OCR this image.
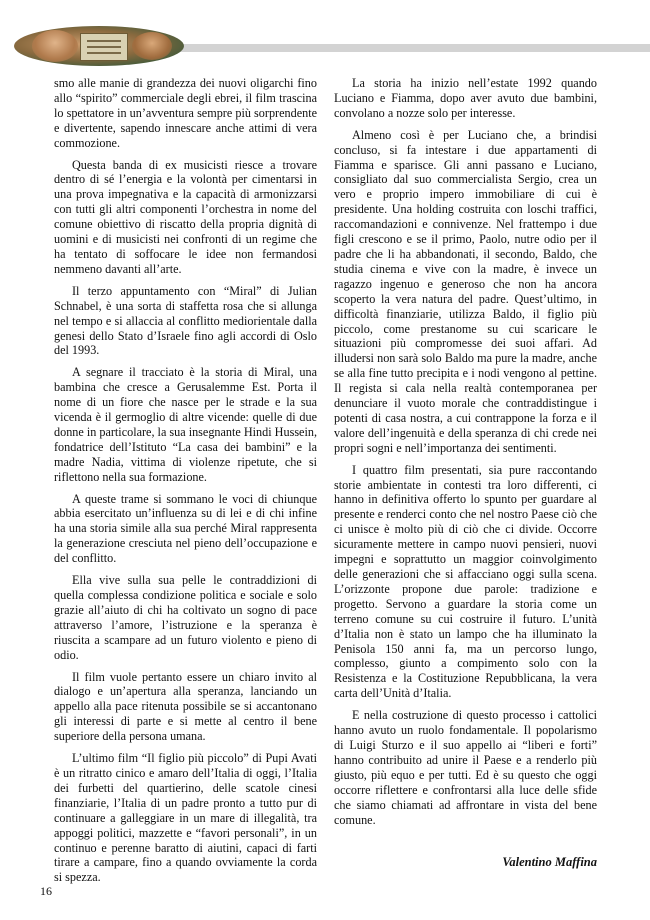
smo alle manie di grandezza dei nuovi oligarchi fino allo “spirito” commerciale degli ebrei, il film trascina lo spettatore in un’avventura sempre più sorprendente e divertente, sapendo innescare anche attimi di vera commozione.

Questa banda di ex musicisti riesce a trovare dentro di sé l’energia e la volontà per cimentarsi in una prova impegnativa e la capacità di armonizzarsi con tutti gli altri componenti l’orchestra in nome del comune obiettivo di riscatto della propria dignità di uomini e di musicisti nei confronti di un regime che ha tentato di soffocare le idee non fermandosi nemmeno davanti all’arte.

Il terzo appuntamento con “Miral” di Julian Schnabel, è una sorta di staffetta rosa che si allunga nel tempo e si allaccia al conflitto mediorientale dalla genesi dello Stato d’Israele fino agli accordi di Oslo del 1993.

A segnare il tracciato è la storia di Miral, una bambina che cresce a Gerusalemme Est. Porta il nome di un fiore che nasce per le strade e la sua vicenda è il germoglio di altre vicende: quelle di due donne in particolare, la sua insegnante Hindi Hussein, fondatrice dell’Istituto “La casa dei bambini” e la madre Nadia, vittima di violenze ripetute, che si riflettono nella sua formazione.

A queste trame si sommano le voci di chiunque abbia esercitato un’influenza su di lei e di chi infine ha una storia simile alla sua perché Miral rappresenta la generazione cresciuta nel pieno dell’occupazione e del conflitto.

Ella vive sulla sua pelle le contraddizioni di quella complessa condizione politica e sociale e solo grazie all’aiuto di chi ha coltivato un sogno di pace attraverso l’amore, l’istruzione e la speranza è riuscita a scampare ad un futuro violento e pieno di odio.

Il film vuole pertanto essere un chiaro invito al dialogo e un’apertura alla speranza, lanciando un appello alla pace ritenuta possibile se si accantonano gli interessi di parte e si mette al centro il bene superiore della persona umana.

L’ultimo film “Il figlio più piccolo” di Pupi Avati è un ritratto cinico e amaro dell’Italia di oggi, l’Italia dei furbetti del quartierino, delle scatole cinesi finanziarie, l’Italia di un padre pronto a tutto pur di continuare a galleggiare in un mare di illegalità, tra appoggi politici, mazzette e “favori personali”, in un continuo e perenne baratto di aiutini, capaci di farti tirare a campare, fino a quando ovviamente la corda si spezza.

La storia ha inizio nell’estate 1992 quando Luciano e Fiamma, dopo aver avuto due bambini, convolano a nozze solo per interesse.

Almeno così è per Luciano che, a brindisi concluso, si fa intestare i due appartamenti di Fiamma e sparisce. Gli anni passano e Luciano, consigliato dal suo commercialista Sergio, crea un vero e proprio impero immobiliare di cui è presidente. Una holding costruita con loschi traffici, raccomandazioni e connivenze. Nel frattempo i due figli crescono e se il primo, Paolo, nutre odio per il padre che li ha abbandonati, il secondo, Baldo, che studia cinema e vive con la madre, è invece un ragazzo ingenuo e generoso che non ha ancora scoperto la vera natura del padre. Quest’ultimo, in difficoltà finanziarie, utilizza Baldo, il figlio più piccolo, come prestanome su cui scaricare le situazioni più compromesse dei suoi affari. Ad illudersi non sarà solo Baldo ma pure la madre, anche se alla fine tutto precipita e i nodi vengono al pettine. Il regista si cala nella realtà contemporanea per denunciare il vuoto morale che contraddistingue i potenti di casa nostra, a cui contrappone la forza e il valore dell’ingenuità e della speranza di chi crede nei propri sogni e nell’importanza dei sentimenti.

I quattro film presentati, sia pure raccontando storie ambientate in contesti tra loro differenti, ci hanno in definitiva offerto lo spunto per guardare al presente e renderci conto che nel nostro Paese ciò che ci unisce è molto più di ciò che ci divide. Occorre sicuramente mettere in campo nuovi pensieri, nuovi impegni e soprattutto un maggior coinvolgimento delle generazioni che si affacciano oggi sulla scena. L’orizzonte propone due parole: tradizione e progetto. Servono a guardare la storia come un terreno comune su cui costruire il futuro. L’unità d’Italia non è stato un lampo che ha illuminato la Penisola 150 anni fa, ma un percorso lungo, complesso, giunto a compimento solo con la Resistenza e la Costituzione Repubblicana, la vera carta dell’Unità d’Italia.

E nella costruzione di questo processo i cattolici hanno avuto un ruolo fondamentale. Il popolarismo di Luigi Sturzo e il suo appello ai “liberi e forti” hanno contribuito ad unire il Paese e a renderlo più giusto, più equo e per tutti. Ed è su questo che oggi occorre riflettere e confrontarsi alla luce delle sfide che siamo chiamati ad affrontare in vista del bene comune.

Valentino Maffina
16
